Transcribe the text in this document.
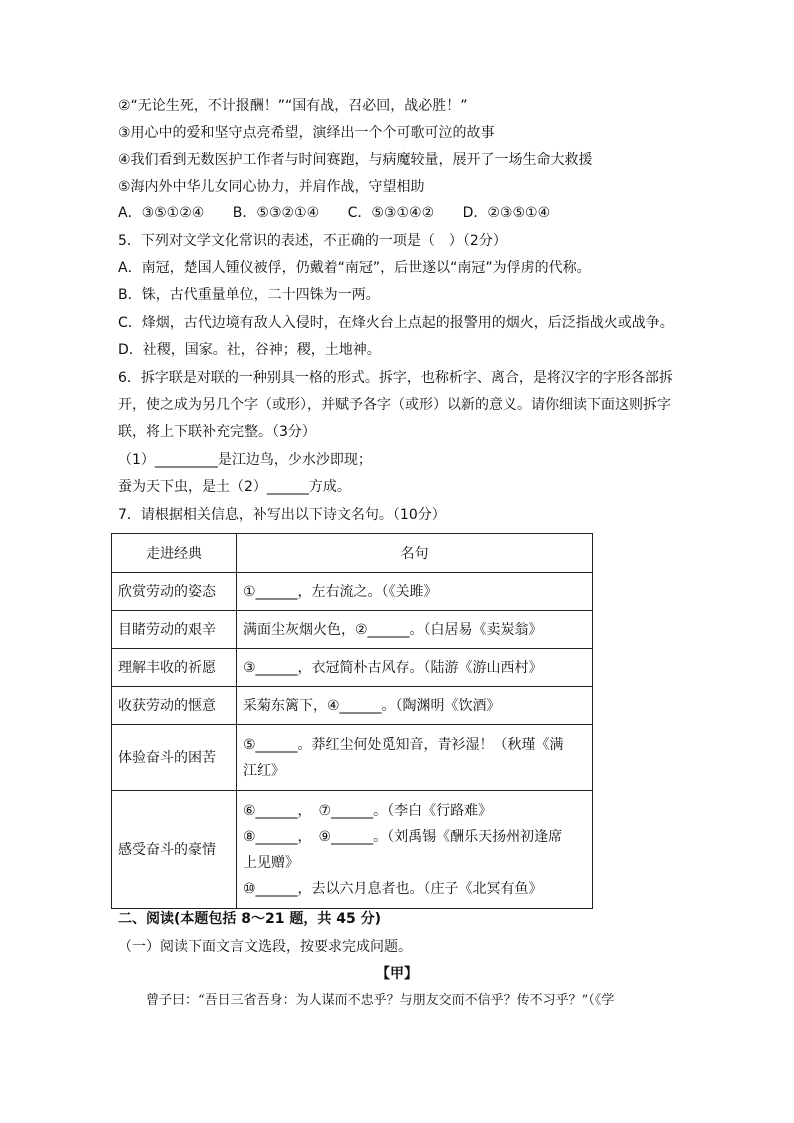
②“无论生死，不计报酬！”“国有战，召必回，战必胜！”
③用心中的爱和坚守点亮希望，演绎出一个个可歌可泣的故事
④我们看到无数医护工作者与时间赛跑，与病魔较量，展开了一场生命大救援
⑤海内外中华儿女同心协力，并肩作战，守望相助
A．③⑤①②④ B．⑤③②①④ C．⑤③①④② D．②③⑤①④
5．下列对文学文化常识的表述，不正确的一项是（　）（2分）
A．南冠，楚国人锺仪被俘，仍戴着“南冠”，后世遂以“南冠”为俘虏的代称。
B．铢，古代重量单位，二十四铢为一两。
C．烽烟，古代边境有敌人入侵时，在烽火台上点起的报警用的烟火，后泛指战火或战争。
D．社稷，国家。社，谷神；稷，土地神。
6．拆字联是对联的一种别具一格的形式。拆字，也称析字、离合，是将汉字的字形各部拆
开，使之成为另几个字（或形），并赋予各字（或形）以新的意义。请你细读下面这则拆字
联，将上下联补充完整。（3分）
（1）_________是江边鸟，少水沙即现；
蚕为天下虫，是土（2）______方成。
7．请根据相关信息，补写出以下诗文名句。（10分）
走进经典	名句
欣赏劳动的姿态	①______，左右流之。（《关雎》
目睹劳动的艰辛	满面尘灰烟火色，②______。（白居易《卖炭翁》
理解丰收的祈愿	③______，衣冠简朴古风存。（陆游《游山西村》
收获劳动的惬意	采菊东篱下，④______。（陶渊明《饮酒》
体验奋斗的困苦	⑤______。莽红尘何处觅知音，青衫湿！（秋瑾《满
江红》

感受奋斗的豪情	⑥______，　⑦______。（李白《行路难》
⑧______，　⑨______。（刘禹锡《酬乐天扬州初逢席
上见赠》
⑩______，去以六月息者也。（庄子《北冥有鱼》
二、阅读(本题包括 8～21 题，共 45 分)
（一）阅读下面文言文选段，按要求完成问题。
【甲】
曾子曰：“吾日三省吾身：为人谋而不忠乎？与朋友交而不信乎？传不习乎？”（《学
